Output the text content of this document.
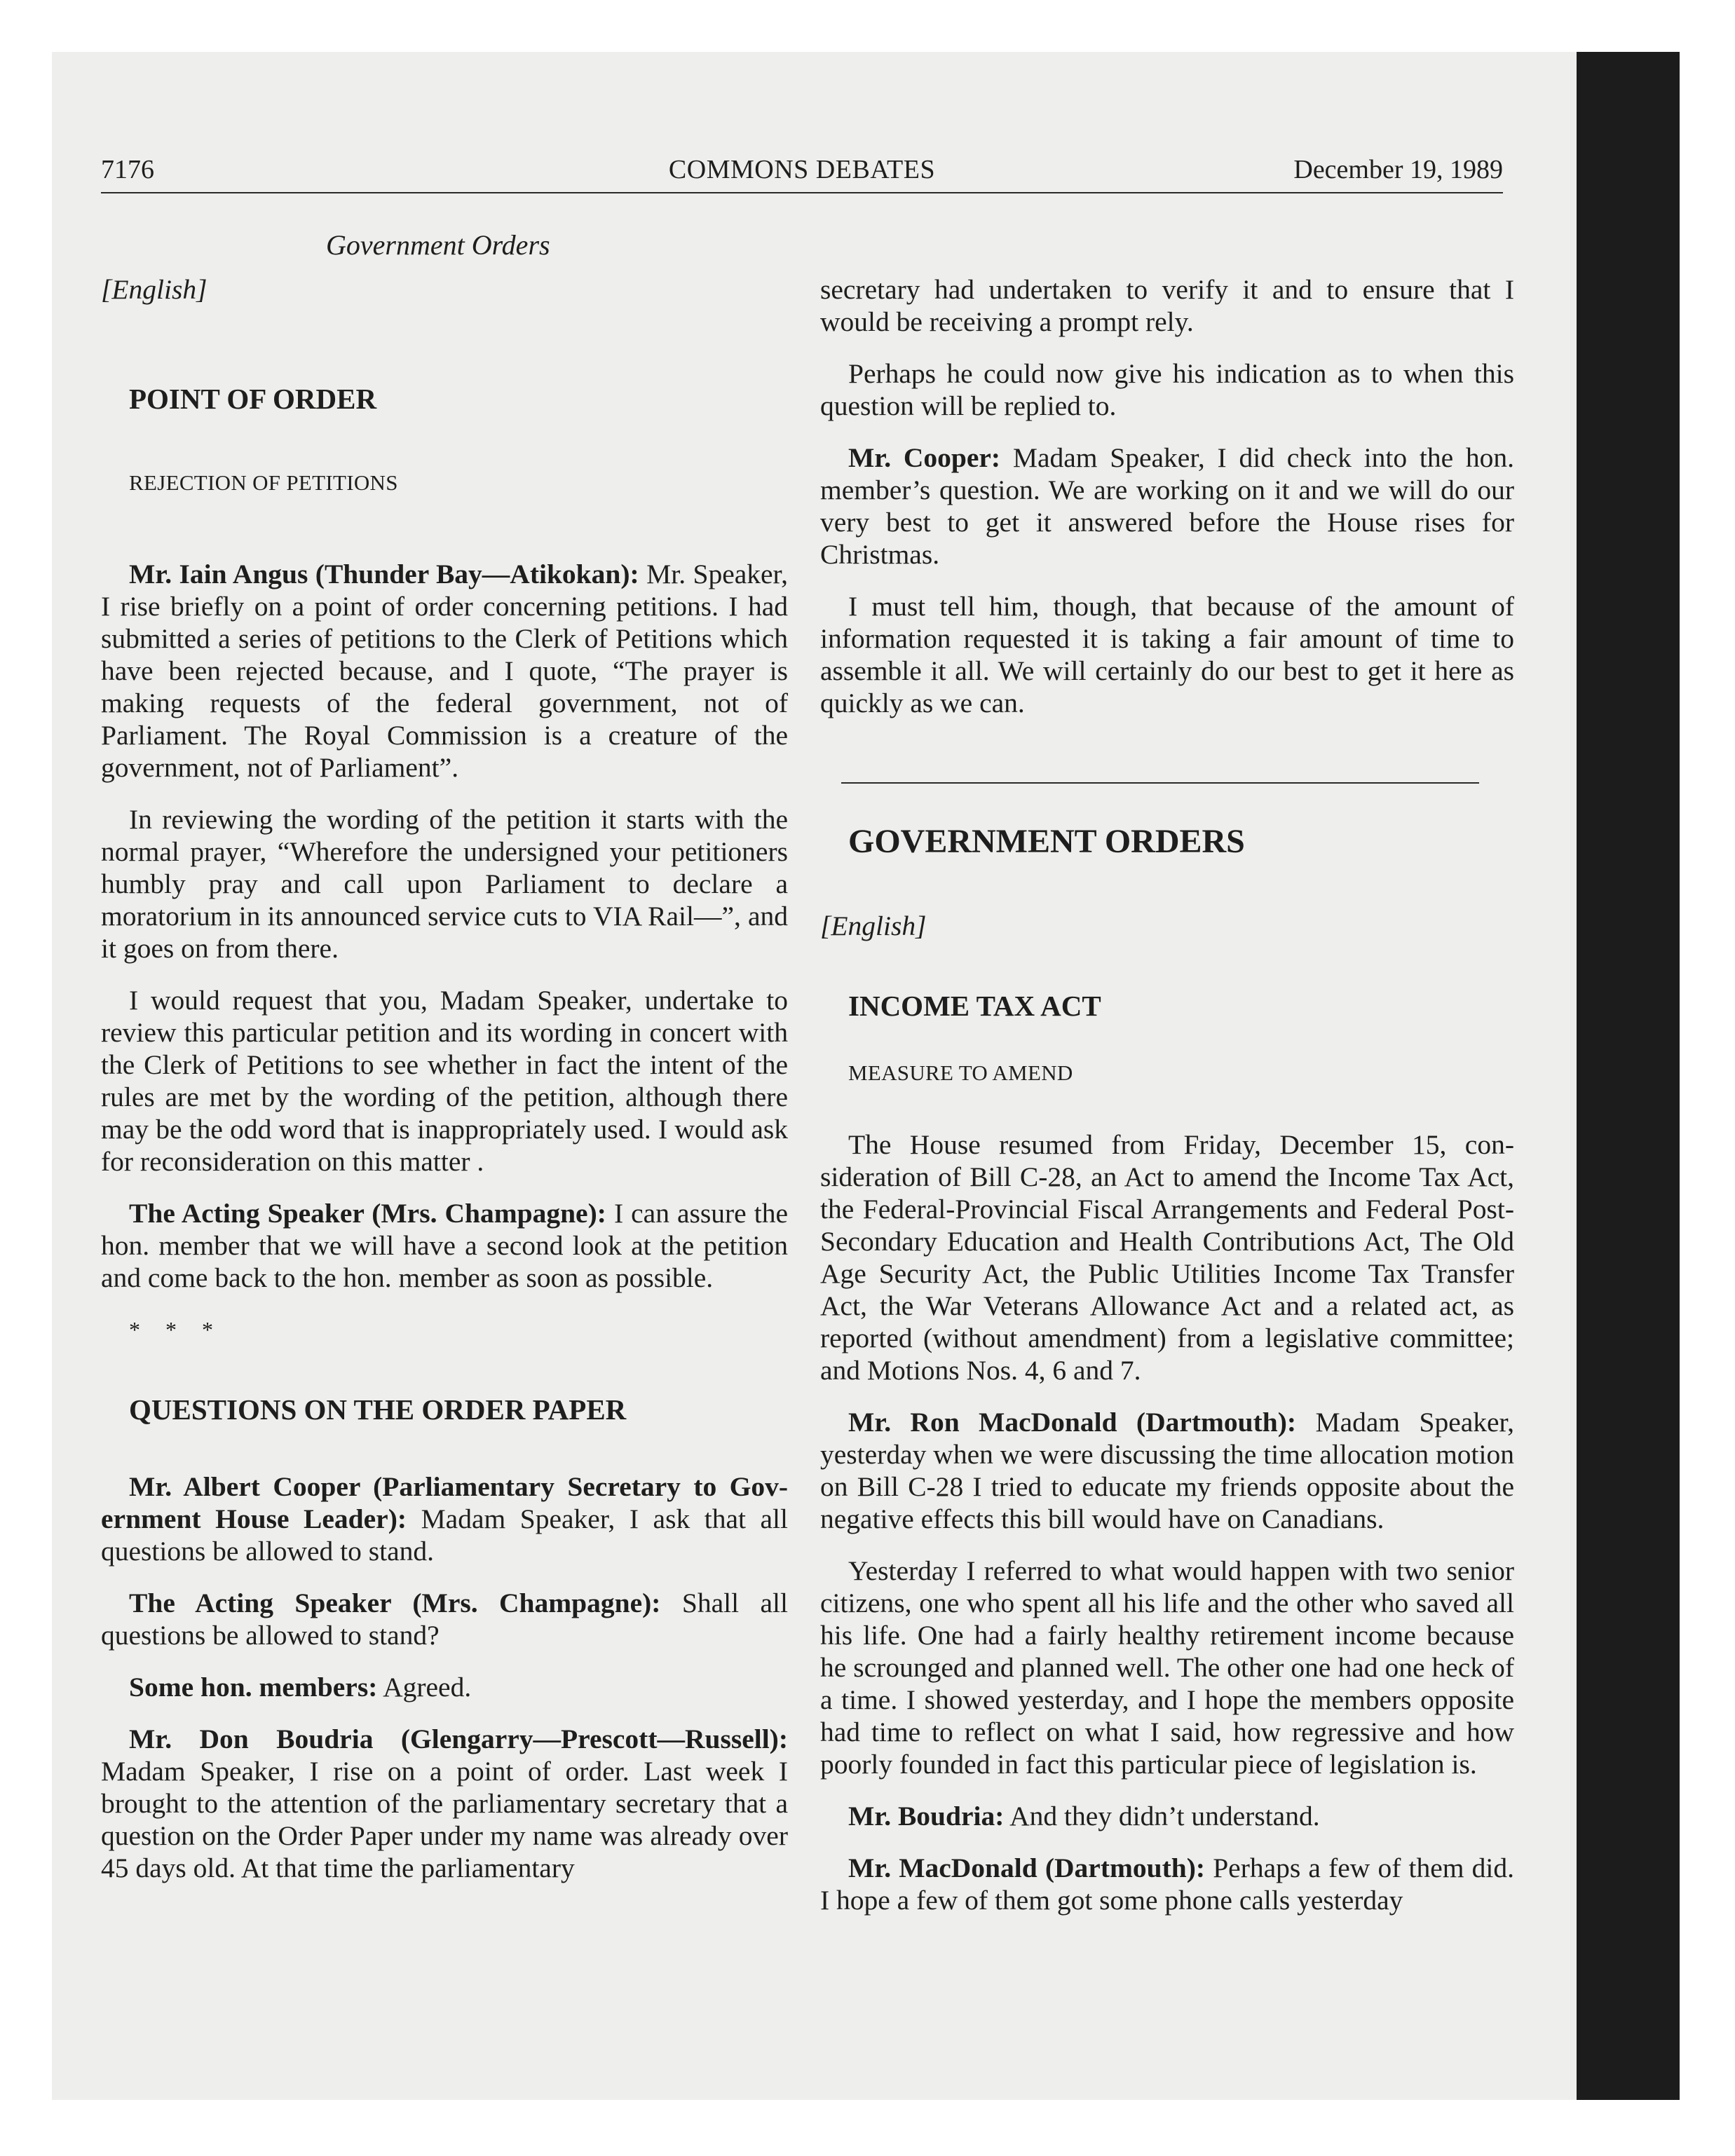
7176	COMMONS DEBATES	December 19, 1989
Government Orders

[English]

POINT OF ORDER

REJECTION OF PETITIONS

Mr. Iain Angus (Thunder Bay—Atikokan): Mr. Speaker, I rise briefly on a point of order concerning petitions. I had submitted a series of petitions to the Clerk of Petitions which have been rejected because, and I quote, “The prayer is making requests of the federal government, not of Parliament. The Royal Commission is a creature of the government, not of Parliament”.

In reviewing the wording of the petition it starts with the normal prayer, “Wherefore the undersigned your petitioners humbly pray and call upon Parliament to declare a moratorium in its announced service cuts to VIA Rail—”, and it goes on from there.

I would request that you, Madam Speaker, undertake to review this particular petition and its wording in concert with the Clerk of Petitions to see whether in fact the intent of the rules are met by the wording of the petition, although there may be the odd word that is inappropriately used. I would ask for reconsideration on this matter .

The Acting Speaker (Mrs. Champagne): I can assure the hon. member that we will have a second look at the petition and come back to the hon. member as soon as possible.

* * *

QUESTIONS ON THE ORDER PAPER

Mr. Albert Cooper (Parliamentary Secretary to Government House Leader): Madam Speaker, I ask that all questions be allowed to stand.

The Acting Speaker (Mrs. Champagne): Shall all questions be allowed to stand?

Some hon. members: Agreed.

Mr. Don Boudria (Glengarry—Prescott—Russell): Madam Speaker, I rise on a point of order. Last week I brought to the attention of the parliamentary secretary that a question on the Order Paper under my name was already over 45 days old. At that time the parliamentary

secretary had undertaken to verify it and to ensure that I would be receiving a prompt rely.

Perhaps he could now give his indication as to when this question will be replied to.

Mr. Cooper: Madam Speaker, I did check into the hon. member’s question. We are working on it and we will do our very best to get it answered before the House rises for Christmas.

I must tell him, though, that because of the amount of information requested it is taking a fair amount of time to assemble it all. We will certainly do our best to get it here as quickly as we can.

GOVERNMENT ORDERS

[English]

INCOME TAX ACT

MEASURE TO AMEND

The House resumed from Friday, December 15, consideration of Bill C-28, an Act to amend the Income Tax Act, the Federal-Provincial Fiscal Arrangements and Federal Post-Secondary Education and Health Contributions Act, The Old Age Security Act, the Public Utilities Income Tax Transfer Act, the War Veterans Allowance Act and a related act, as reported (without amendment) from a legislative committee; and Motions Nos. 4, 6 and 7.

Mr. Ron MacDonald (Dartmouth): Madam Speaker, yesterday when we were discussing the time allocation motion on Bill C-28 I tried to educate my friends opposite about the negative effects this bill would have on Canadians.

Yesterday I referred to what would happen with two senior citizens, one who spent all his life and the other who saved all his life. One had a fairly healthy retirement income because he scrounged and planned well. The other one had one heck of a time. I showed yesterday, and I hope the members opposite had time to reflect on what I said, how regressive and how poorly founded in fact this particular piece of legislation is.

Mr. Boudria: And they didn’t understand.

Mr. MacDonald (Dartmouth): Perhaps a few of them did. I hope a few of them got some phone calls yesterday
